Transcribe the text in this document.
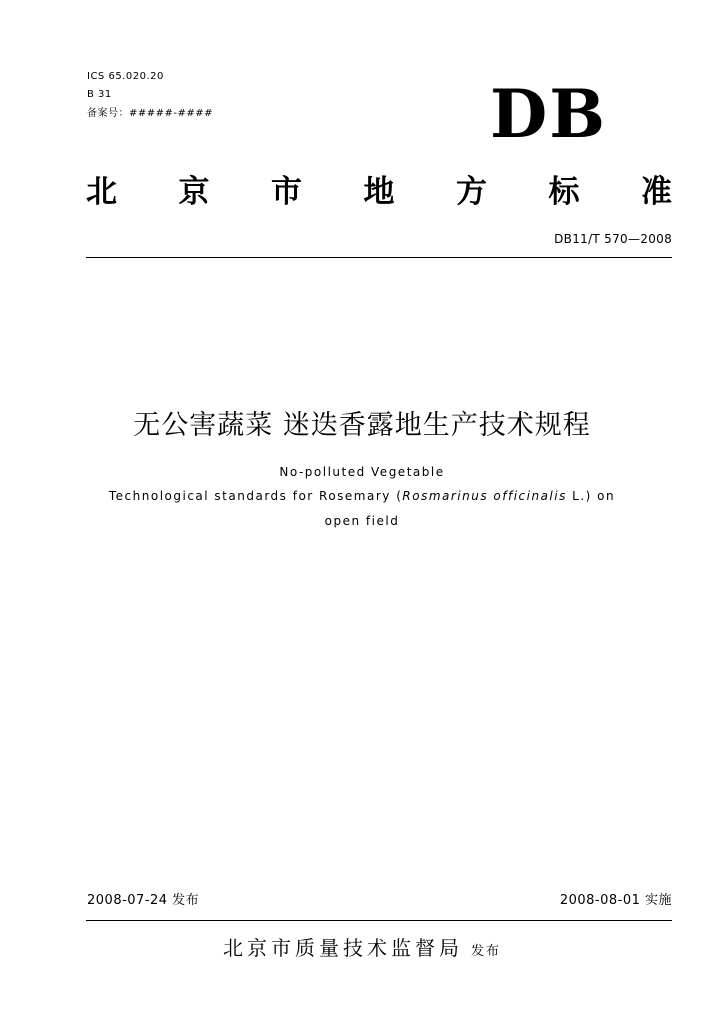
ICS 65.020.20
B 31
备案号：#####-####	DB
北 京 市 地 方 标 准
DB11/T 570—2008
无公害蔬菜 迷迭香露地生产技术规程
No-polluted Vegetable
Technological standards for Rosemary (Rosmarinus officinalis L.) on
open field
2008-07-24 发布	2008-08-01 实施
北京市质量技术监督局 发布
